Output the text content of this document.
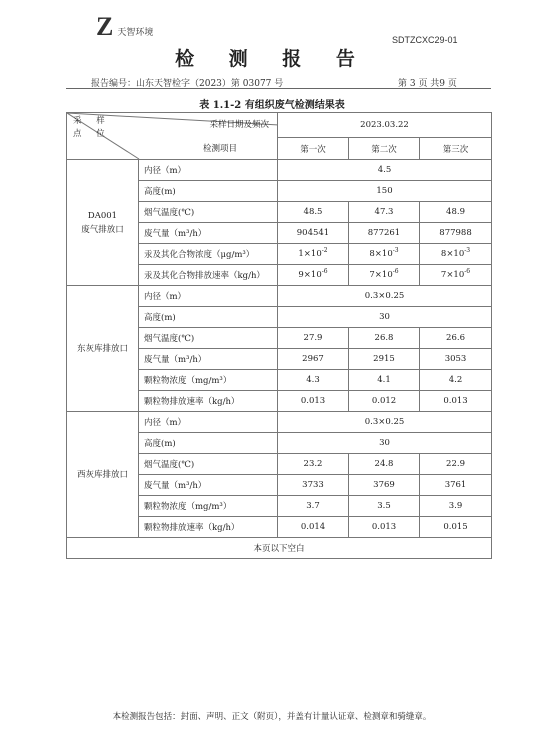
Z 天智环境
SDTZCXC29-01
检 测 报 告
报告编号：山东天智检字（2023）第 03077 号	第 3 页 共9 页
表 1.1-2 有组织废气检测结果表
采样日期及频次
采 样
点 位
检测项目		2023.03.22		
		第一次	第二次	第三次

DA001
废气排放口	内径（m）	4.5		
	高度(m)	150		
	烟气温度(℃)	48.5	47.3	48.9
	废气量（m³/h）	904541	877261	877988
	汞及其化合物浓度（μg/m³）	$1\times 10^{-2}$	$8\times 10^{-3}$	$8\times 10^{-3}$
	汞及其化合物排放速率（kg/h）	$9\times 10^{-6}$	$7\times 10^{-6}$	$7\times 10^{-6}$

东灰库排放口	内径（m）	0.3×0.25		
	高度(m)	30		
	烟气温度(℃)	27.9	26.8	26.6
	废气量（m³/h）	2967	2915	3053
	颗粒物浓度（mg/m³）	4.3	4.1	4.2
	颗粒物排放速率（kg/h）	0.013	0.012	0.013

西灰库排放口	内径（m）	0.3×0.25		
	高度(m)	30		
	烟气温度(℃)	23.2	24.8	22.9
	废气量（m³/h）	3733	3769	3761
	颗粒物浓度（mg/m³）	3.7	3.5	3.9
	颗粒物排放速率（kg/h）	0.014	0.013	0.015
本页以下空白				
本检测报告包括：封面、声明、正文（附页），并盖有计量认证章、检测章和骑缝章。
